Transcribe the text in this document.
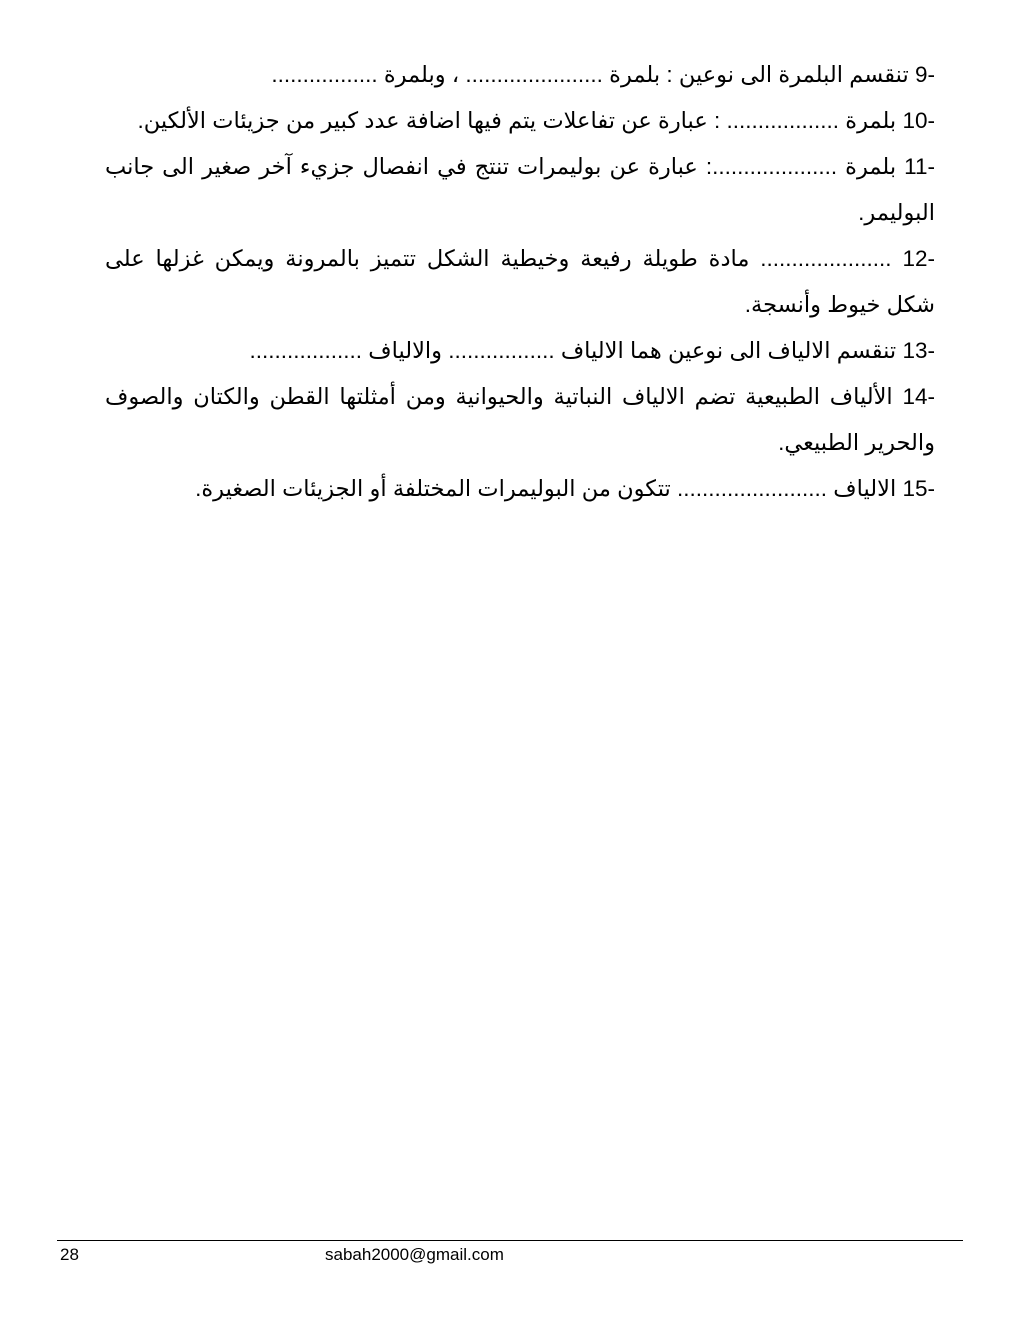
9- تنقسم البلمرة الى نوعين : بلمرة ...................... ، وبلمرة .................
10- بلمرة .................. : عبارة عن تفاعلات يتم فيها اضافة عدد كبير من جزيئات الألكين.
11- بلمرة ....................: عبارة عن بوليمرات تنتج في انفصال جزيء آخر صغير الى جانب البوليمر.
12- ..................... مادة طويلة رفيعة وخيطية الشكل تتميز بالمرونة ويمكن غزلها على شكل خيوط وأنسجة.
13- تنقسم الالياف الى نوعين هما الالياف ................. والالياف ..................
14- الألياف الطبيعية تضم الالياف النباتية والحيوانية ومن أمثلتها القطن والكتان والصوف والحرير الطبيعي.
15- الالياف ........................ تتكون من البوليمرات المختلفة أو الجزيئات الصغيرة.
28	sabah2000@gmail.com
